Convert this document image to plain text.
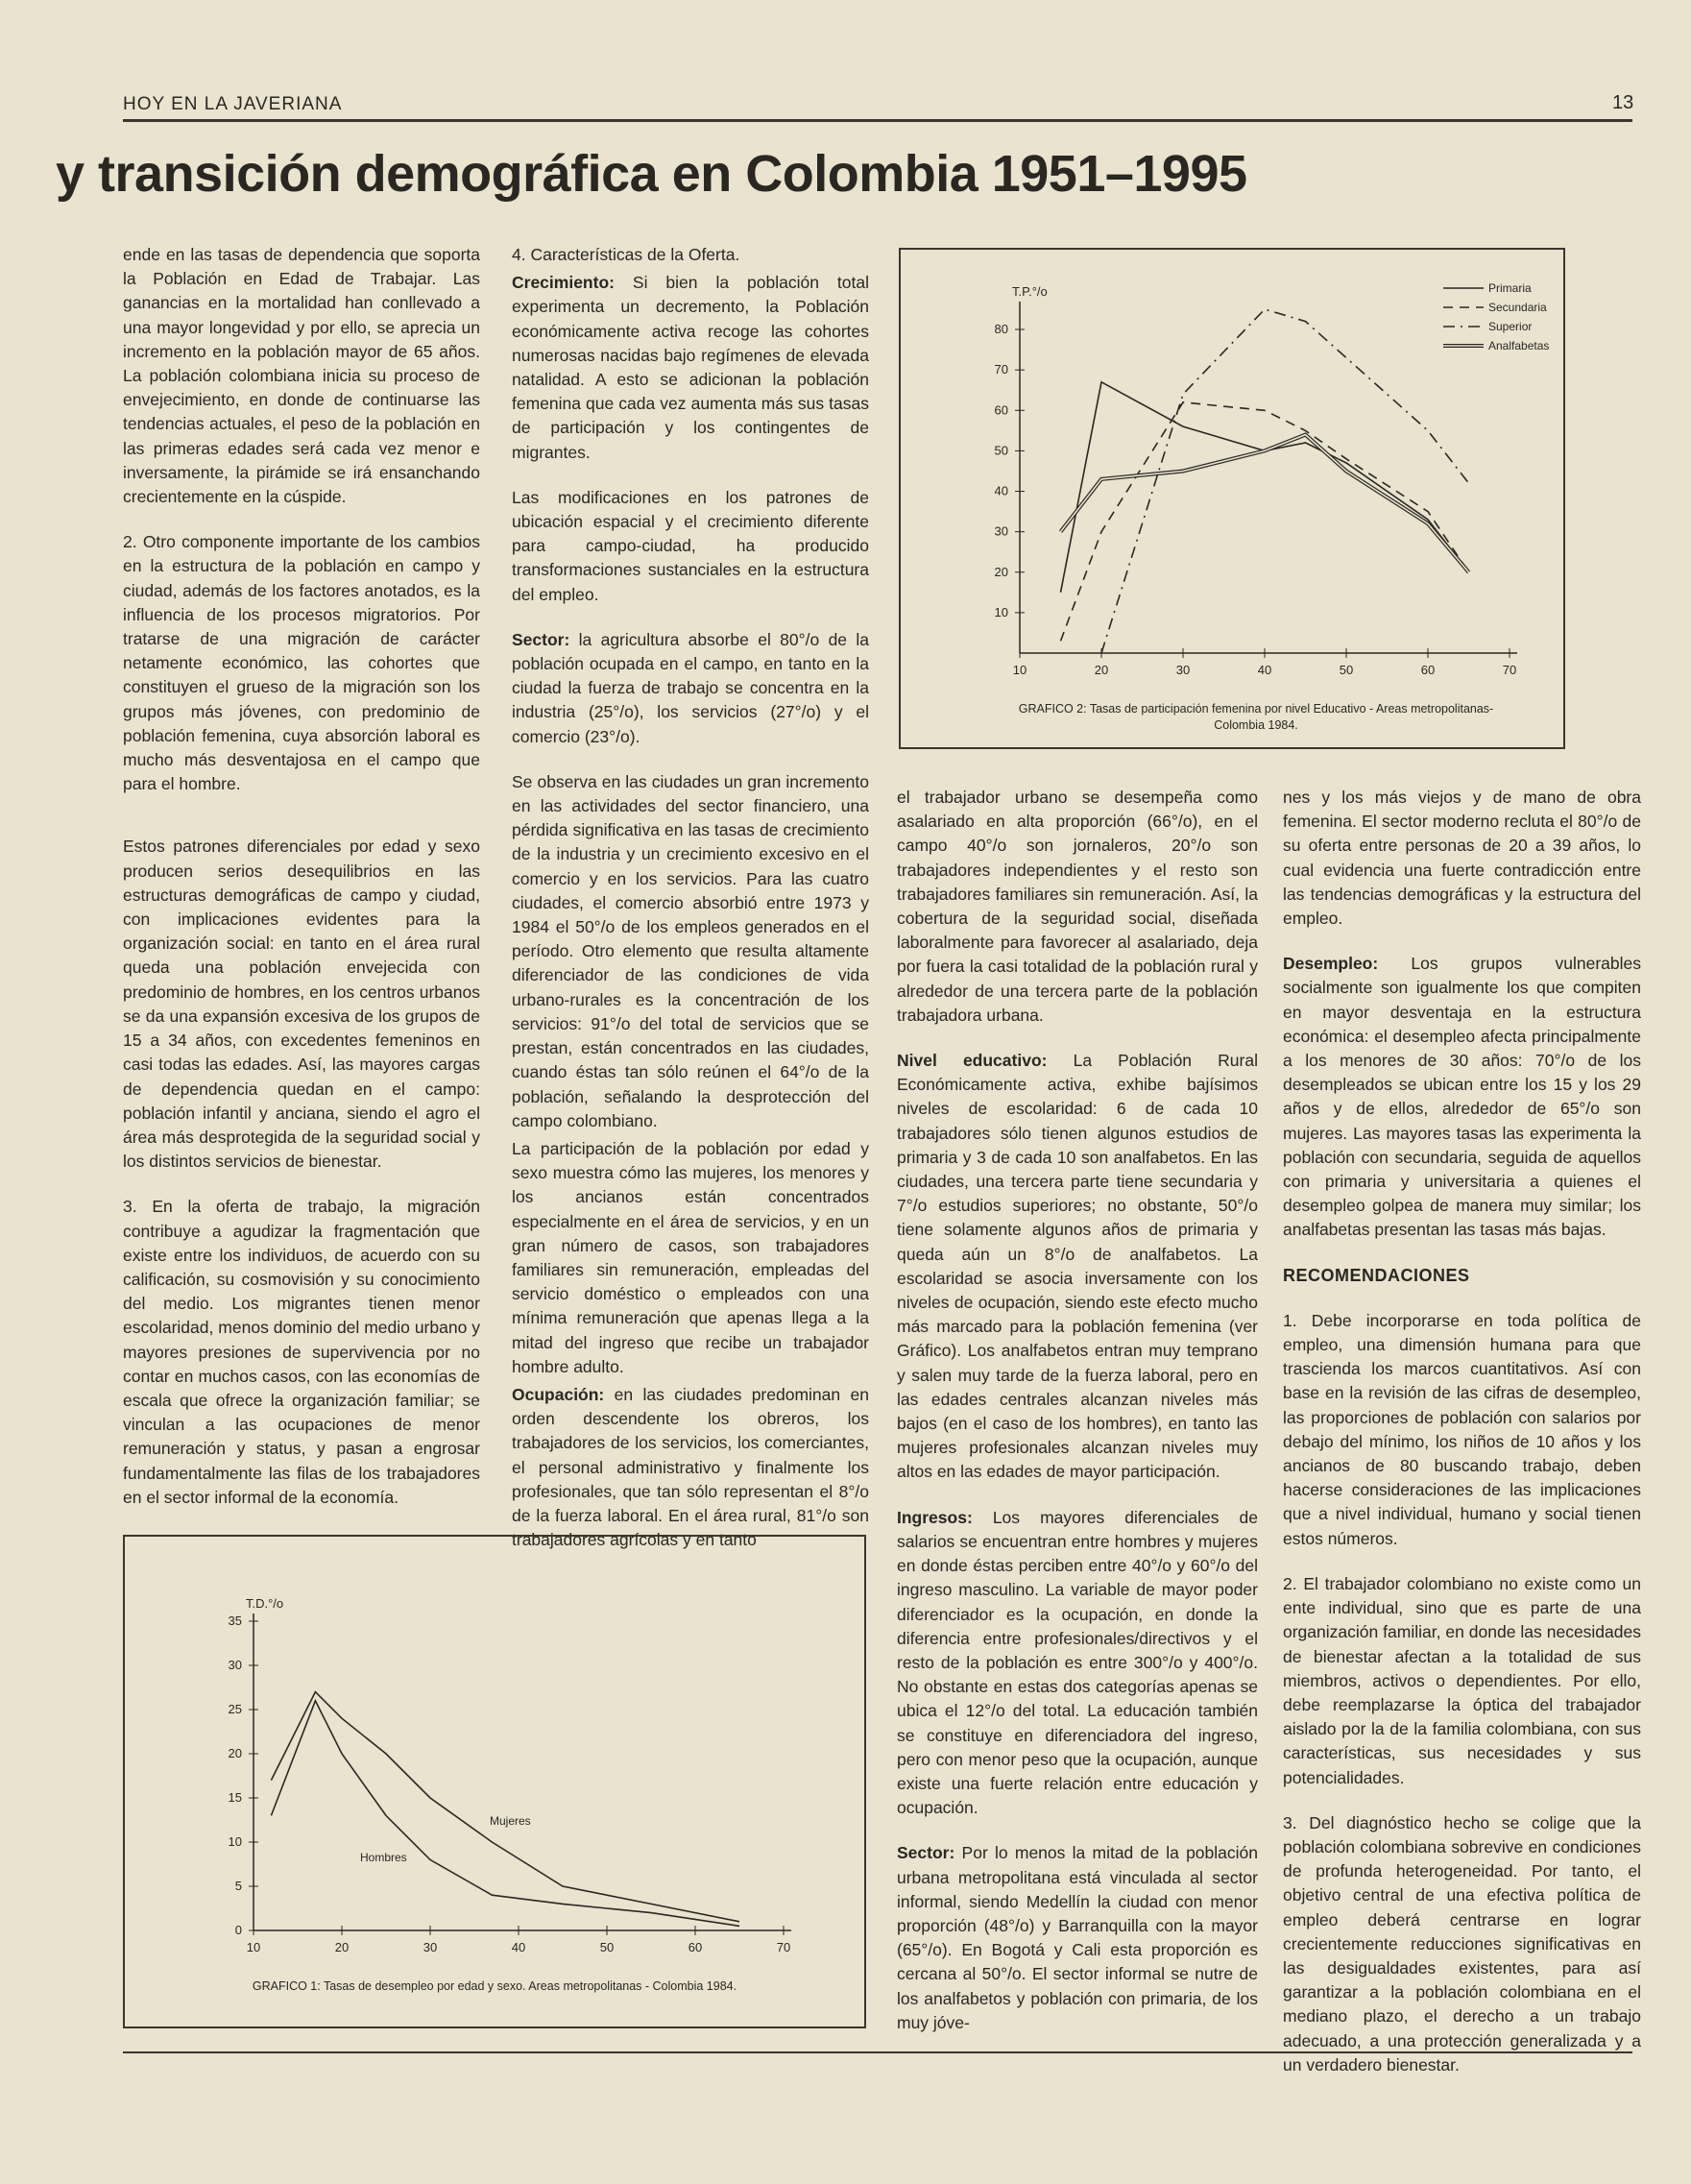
HOY EN LA JAVERIANA	13
y transición demográfica en Colombia 1951–1995

ende en las tasas de dependencia que soporta la Población en Edad de Trabajar. Las ganancias en la mortalidad han conllevado a una mayor longevidad y por ello, se aprecia un incremento en la población mayor de 65 años. La población colombiana inicia su proceso de envejecimiento, en donde de continuarse las tendencias actuales, el peso de la población en las primeras edades será cada vez menor e inversamente, la pirámide se irá ensanchando crecientemente en la cúspide.

2. Otro componente importante de los cambios en la estructura de la población en campo y ciudad, además de los factores anotados, es la influencia de los procesos migratorios. Por tratarse de una migración de carácter netamente económico, las cohortes que constituyen el grueso de la migración son los grupos más jóvenes, con predominio de población femenina, cuya absorción laboral es mucho más desventajosa en el campo que para el hombre.

Estos patrones diferenciales por edad y sexo producen serios desequilibrios en las estructuras demográficas de campo y ciudad, con implicaciones evidentes para la organización social: en tanto en el área rural queda una población envejecida con predominio de hombres, en los centros urbanos se da una expansión excesiva de los grupos de 15 a 34 años, con excedentes femeninos en casi todas las edades. Así, las mayores cargas de dependencia quedan en el campo: población infantil y anciana, siendo el agro el área más desprotegida de la seguridad social y los distintos servicios de bienestar.

3. En la oferta de trabajo, la migración contribuye a agudizar la fragmentación que existe entre los individuos, de acuerdo con su calificación, su cosmovisión y su conocimiento del medio. Los migrantes tienen menor escolaridad, menos dominio del medio urbano y mayores presiones de supervivencia por no contar en muchos casos, con las economías de escala que ofrece la organización familiar; se vinculan a las ocupaciones de menor remuneración y status, y pasan a engrosar fundamentalmente las filas de los trabajadores en el sector informal de la economía.

4. Características de la Oferta.

Crecimiento: Si bien la población total experimenta un decremento, la Población económicamente activa recoge las cohortes numerosas nacidas bajo regímenes de elevada natalidad. A esto se adicionan la población femenina que cada vez aumenta más sus tasas de participación y los contingentes de migrantes.

Las modificaciones en los patrones de ubicación espacial y el crecimiento diferente para campo-ciudad, ha producido transformaciones sustanciales en la estructura del empleo.

Sector: la agricultura absorbe el 80°/o de la población ocupada en el campo, en tanto en la ciudad la fuerza de trabajo se concentra en la industria (25°/o), los servicios (27°/o) y el comercio (23°/o).

Se observa en las ciudades un gran incremento en las actividades del sector financiero, una pérdida significativa en las tasas de crecimiento de la industria y un crecimiento excesivo en el comercio y en los servicios. Para las cuatro ciudades, el comercio absorbió entre 1973 y 1984 el 50°/o de los empleos generados en el período. Otro elemento que resulta altamente diferenciador de las condiciones de vida urbano-rurales es la concentración de los servicios: 91°/o del total de servicios que se prestan, están concentrados en las ciudades, cuando éstas tan sólo reúnen el 64°/o de la población, señalando la desprotección del campo colombiano.

La participación de la población por edad y sexo muestra cómo las mujeres, los menores y los ancianos están concentrados especialmente en el área de servicios, y en un gran número de casos, son trabajadores familiares sin remuneración, empleadas del servicio doméstico o empleados con una mínima remuneración que apenas llega a la mitad del ingreso que recibe un trabajador hombre adulto.

Ocupación: en las ciudades predominan en orden descendente los obreros, los trabajadores de los servicios, los comerciantes, el personal administrativo y finalmente los profesionales, que tan sólo representan el 8°/o de la fuerza laboral. En el área rural, 81°/o son trabajadores agrícolas y en tanto

T.P.°/o
10
20
30
40
50
60
70
80
10	20	30	40	50	60	70
Primaria
Secundaria
Superior
Analfabetas
GRAFICO 2: Tasas de participación femenina por nivel Educativo - Areas metropolitanas- Colombia 1984.

el trabajador urbano se desempeña como asalariado en alta proporción (66°/o), en el campo 40°/o son jornaleros, 20°/o son trabajadores independientes y el resto son trabajadores familiares sin remuneración. Así, la cobertura de la seguridad social, diseñada laboralmente para favorecer al asalariado, deja por fuera la casi totalidad de la población rural y alrededor de una tercera parte de la población trabajadora urbana.

Nivel educativo: La Población Rural Económicamente activa, exhibe bajísimos niveles de escolaridad: 6 de cada 10 trabajadores sólo tienen algunos estudios de primaria y 3 de cada 10 son analfabetos. En las ciudades, una tercera parte tiene secundaria y 7°/o estudios superiores; no obstante, 50°/o tiene solamente algunos años de primaria y queda aún un 8°/o de analfabetos. La escolaridad se asocia inversamente con los niveles de ocupación, siendo este efecto mucho más marcado para la población femenina (ver Gráfico). Los analfabetos entran muy temprano y salen muy tarde de la fuerza laboral, pero en las edades centrales alcanzan niveles más bajos (en el caso de los hombres), en tanto las mujeres profesionales alcanzan niveles muy altos en las edades de mayor participación.

Ingresos: Los mayores diferenciales de salarios se encuentran entre hombres y mujeres en donde éstas perciben entre 40°/o y 60°/o del ingreso masculino. La variable de mayor poder diferenciador es la ocupación, en donde la diferencia entre profesionales/directivos y el resto de la población es entre 300°/o y 400°/o. No obstante en estas dos categorías apenas se ubica el 12°/o del total. La educación también se constituye en diferenciadora del ingreso, pero con menor peso que la ocupación, aunque existe una fuerte relación entre educación y ocupación.

Sector: Por lo menos la mitad de la población urbana metropolitana está vinculada al sector informal, siendo Medellín la ciudad con menor proporción (48°/o) y Barranquilla con la mayor (65°/o). En Bogotá y Cali esta proporción es cercana al 50°/o. El sector informal se nutre de los analfabetos y población con primaria, de los muy jóve-

nes y los más viejos y de mano de obra femenina. El sector moderno recluta el 80°/o de su oferta entre personas de 20 a 39 años, lo cual evidencia una fuerte contradicción entre las tendencias demográficas y la estructura del empleo.

Desempleo: Los grupos vulnerables socialmente son igualmente los que compiten en mayor desventaja en la estructura económica: el desempleo afecta principalmente a los menores de 30 años: 70°/o de los desempleados se ubican entre los 15 y los 29 años y de ellos, alrededor de 65°/o son mujeres. Las mayores tasas las experimenta la población con secundaria, seguida de aquellos con primaria y universitaria a quienes el desempleo golpea de manera muy similar; los analfabetas presentan las tasas más bajas.

RECOMENDACIONES

1. Debe incorporarse en toda política de empleo, una dimensión humana para que trascienda los marcos cuantitativos. Así con base en la revisión de las cifras de desempleo, las proporciones de población con salarios por debajo del mínimo, los niños de 10 años y los ancianos de 80 buscando trabajo, deben hacerse consideraciones de las implicaciones que a nivel individual, humano y social tienen estos números.

2. El trabajador colombiano no existe como un ente individual, sino que es parte de una organización familiar, en donde las necesidades de bienestar afectan a la totalidad de sus miembros, activos o dependientes. Por ello, debe reemplazarse la óptica del trabajador aislado por la de la familia colombiana, con sus características, sus necesidades y sus potencialidades.

3. Del diagnóstico hecho se colige que la población colombiana sobrevive en condiciones de profunda heterogeneidad. Por tanto, el objetivo central de una efectiva política de empleo deberá centrarse en lograr crecientemente reducciones significativas en las desigualdades existentes, para así garantizar a la población colombiana en el mediano plazo, el derecho a un trabajo adecuado, a una protección generalizada y a un verdadero bienestar.

T.D.°/o
0
5
10
15
20
25
30
35
10	20	30	40	50	60	70
Mujeres
Hombres
GRAFICO 1: Tasas de desempleo por edad y sexo. Areas metropolitanas - Colombia 1984.
